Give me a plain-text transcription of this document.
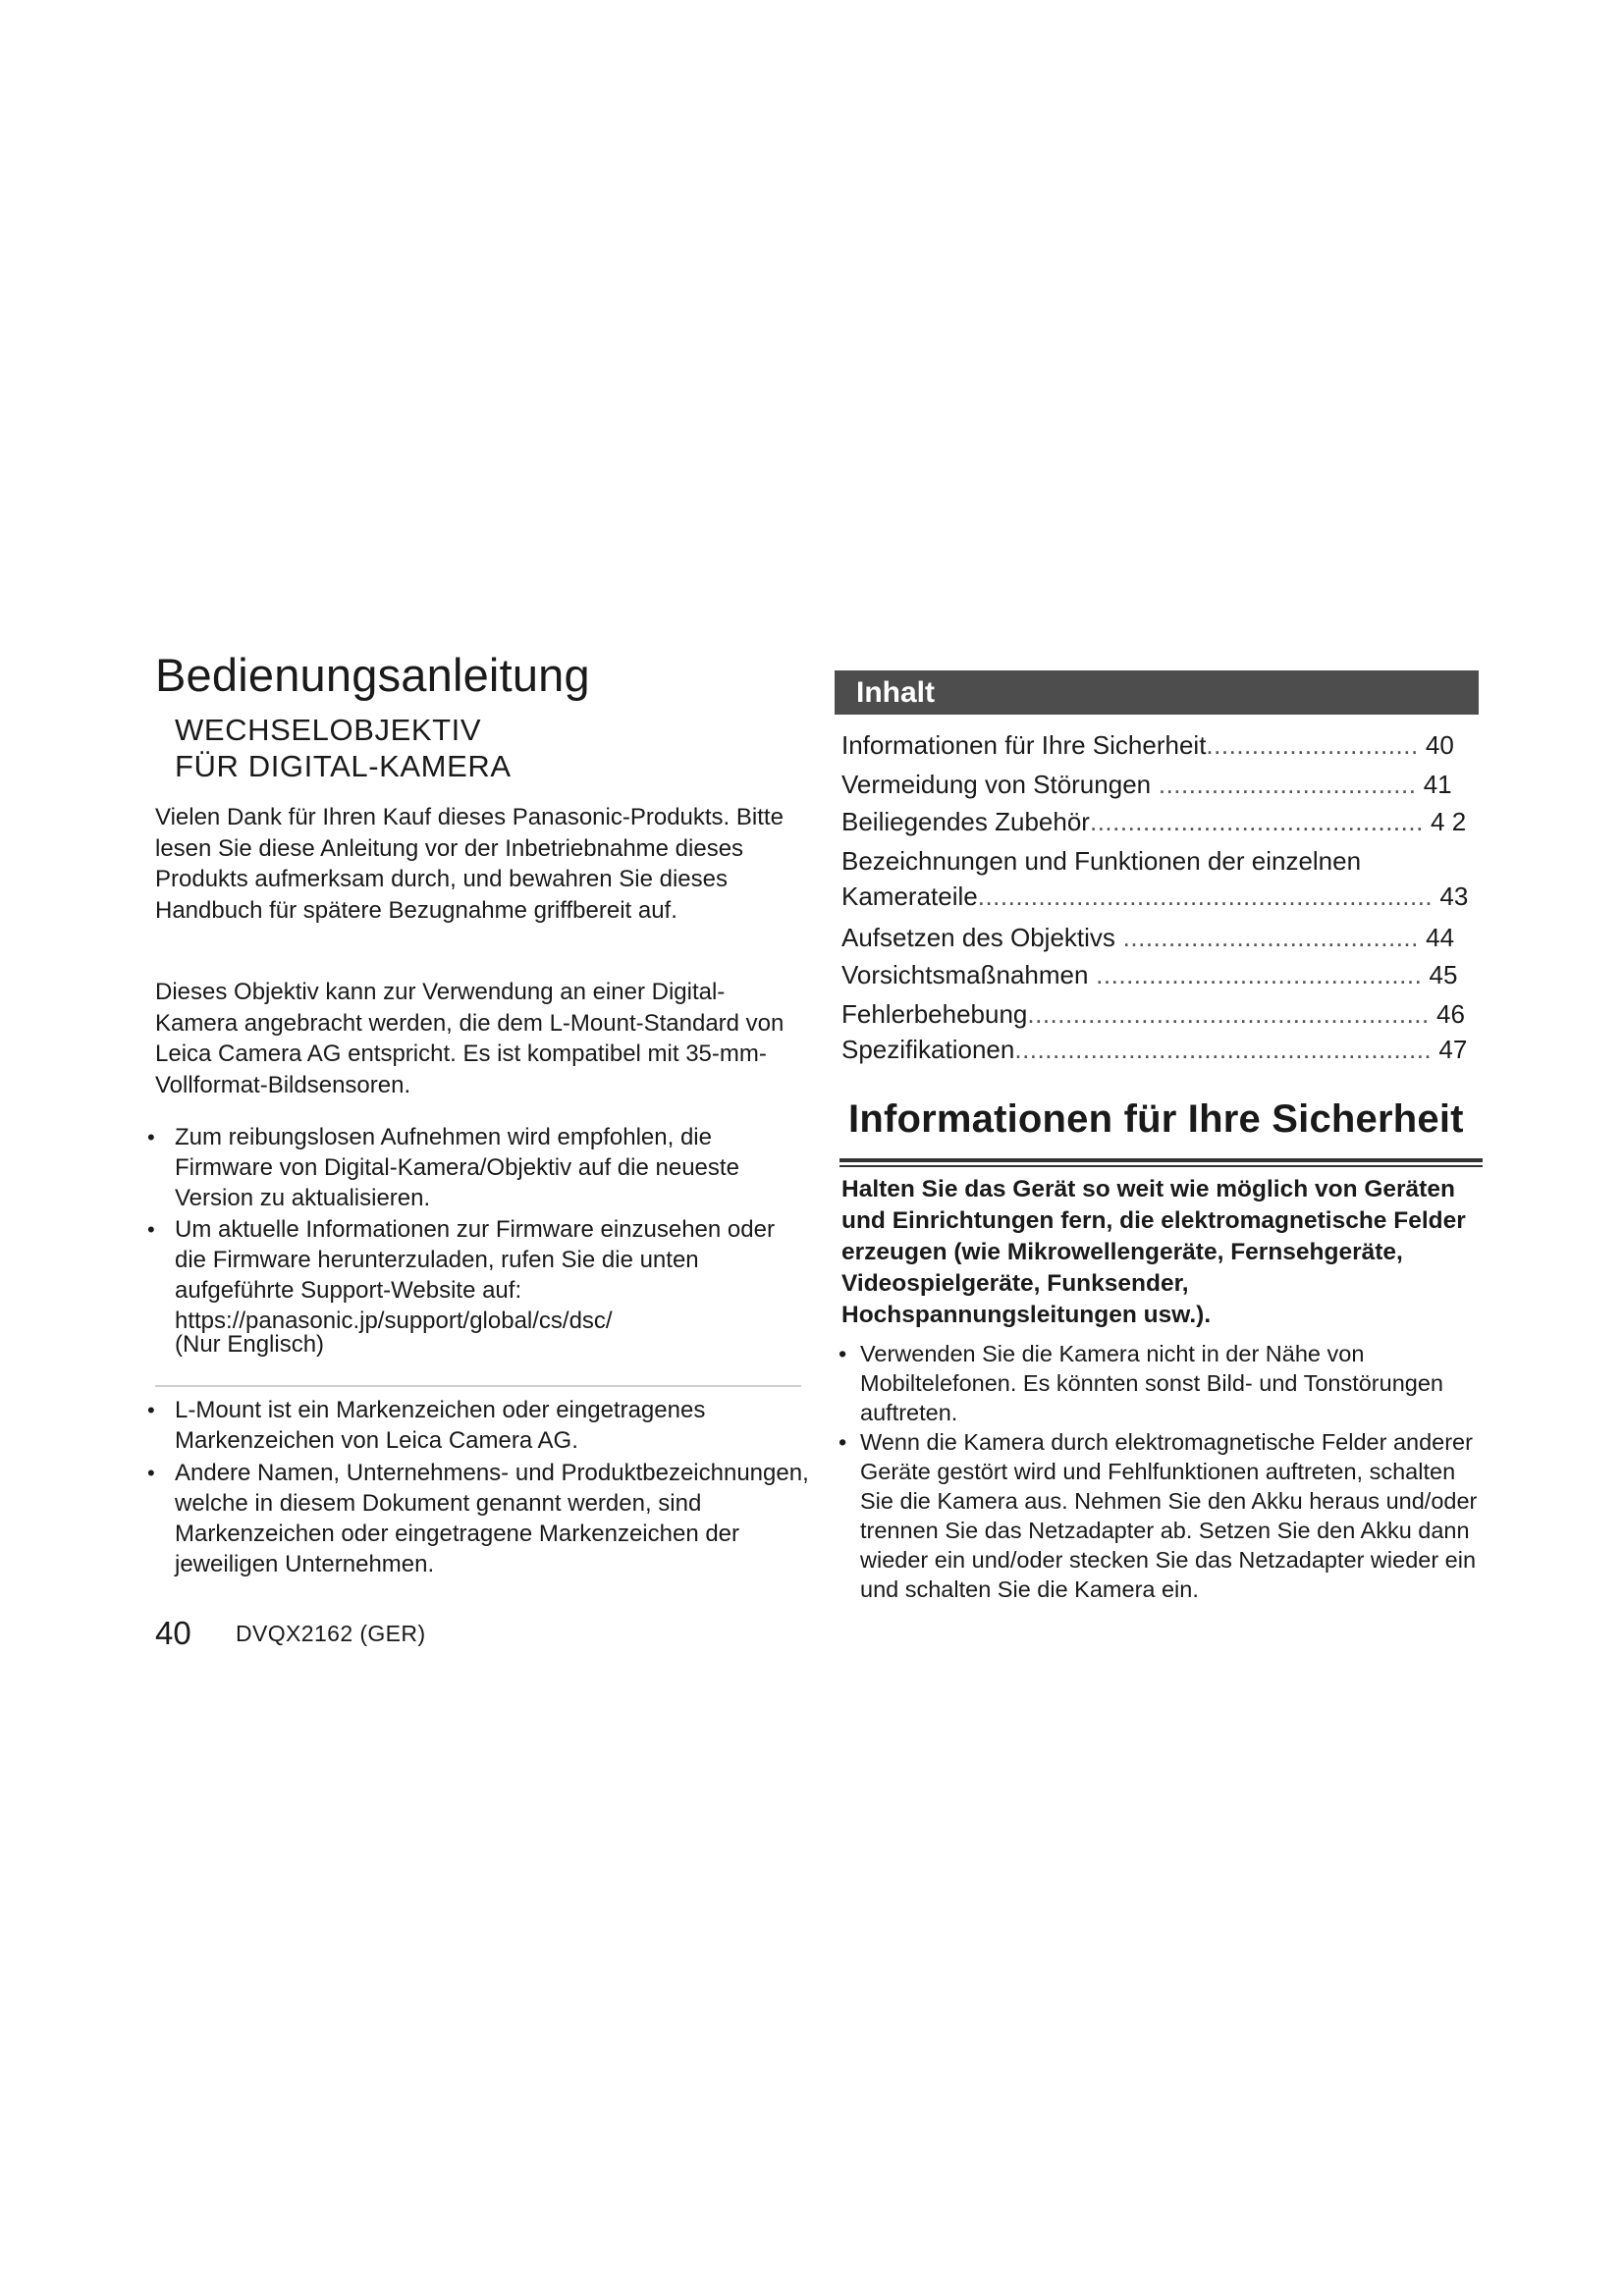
Bedienungsanleitung
WECHSELOBJEKTIV
FÜR DIGITAL-KAMERA
Vielen Dank für Ihren Kauf dieses Panasonic-Produkts. Bitte lesen Sie diese Anleitung vor der Inbetriebnahme dieses Produkts aufmerksam durch, und bewahren Sie dieses Handbuch für spätere Bezugnahme griffbereit auf.
Dieses Objektiv kann zur Verwendung an einer Digital-Kamera angebracht werden, die dem L-Mount-Standard von Leica Camera AG entspricht. Es ist kompatibel mit 35-mm-Vollformat-Bildsensoren.
• Zum reibungslosen Aufnehmen wird empfohlen, die Firmware von Digital-Kamera/Objektiv auf die neueste Version zu aktualisieren.
• Um aktuelle Informationen zur Firmware einzusehen oder die Firmware herunterzuladen, rufen Sie die unten aufgeführte Support-Website auf: https://panasonic.jp/support/global/cs/dsc/
(Nur Englisch)
• L-Mount ist ein Markenzeichen oder eingetragenes Markenzeichen von Leica Camera AG.
• Andere Namen, Unternehmens- und Produktbezeichnungen, welche in diesem Dokument genannt werden, sind Markenzeichen oder eingetragene Markenzeichen der jeweiligen Unternehmen.
40 DVQX2162 (GER)
Inhalt
Informationen für Ihre Sicherheit............................ 40
Vermeidung von Störungen .................................. 41
Beiliegendes Zubehör............................................ 4 2
Bezeichnungen und Funktionen der einzelnen
Kamerateile............................................................ 43
Aufsetzen des Objektivs ....................................... 44
Vorsichtsmaßnahmen ........................................... 45
Fehlerbehebung..................................................... 46
Spezifikationen....................................................... 47
Informationen für Ihre Sicherheit
Halten Sie das Gerät so weit wie möglich von Geräten und Einrichtungen fern, die elektromagnetische Felder erzeugen (wie Mikrowellengeräte, Fernsehgeräte, Videospielgeräte, Funksender, Hochspannungsleitungen usw.).
• Verwenden Sie die Kamera nicht in der Nähe von Mobiltelefonen. Es könnten sonst Bild- und Tonstörungen auftreten.
• Wenn die Kamera durch elektromagnetische Felder anderer Geräte gestört wird und Fehlfunktionen auftreten, schalten Sie die Kamera aus. Nehmen Sie den Akku heraus und/oder trennen Sie das Netzadapter ab. Setzen Sie den Akku dann wieder ein und/oder stecken Sie das Netzadapter wieder ein und schalten Sie die Kamera ein.
